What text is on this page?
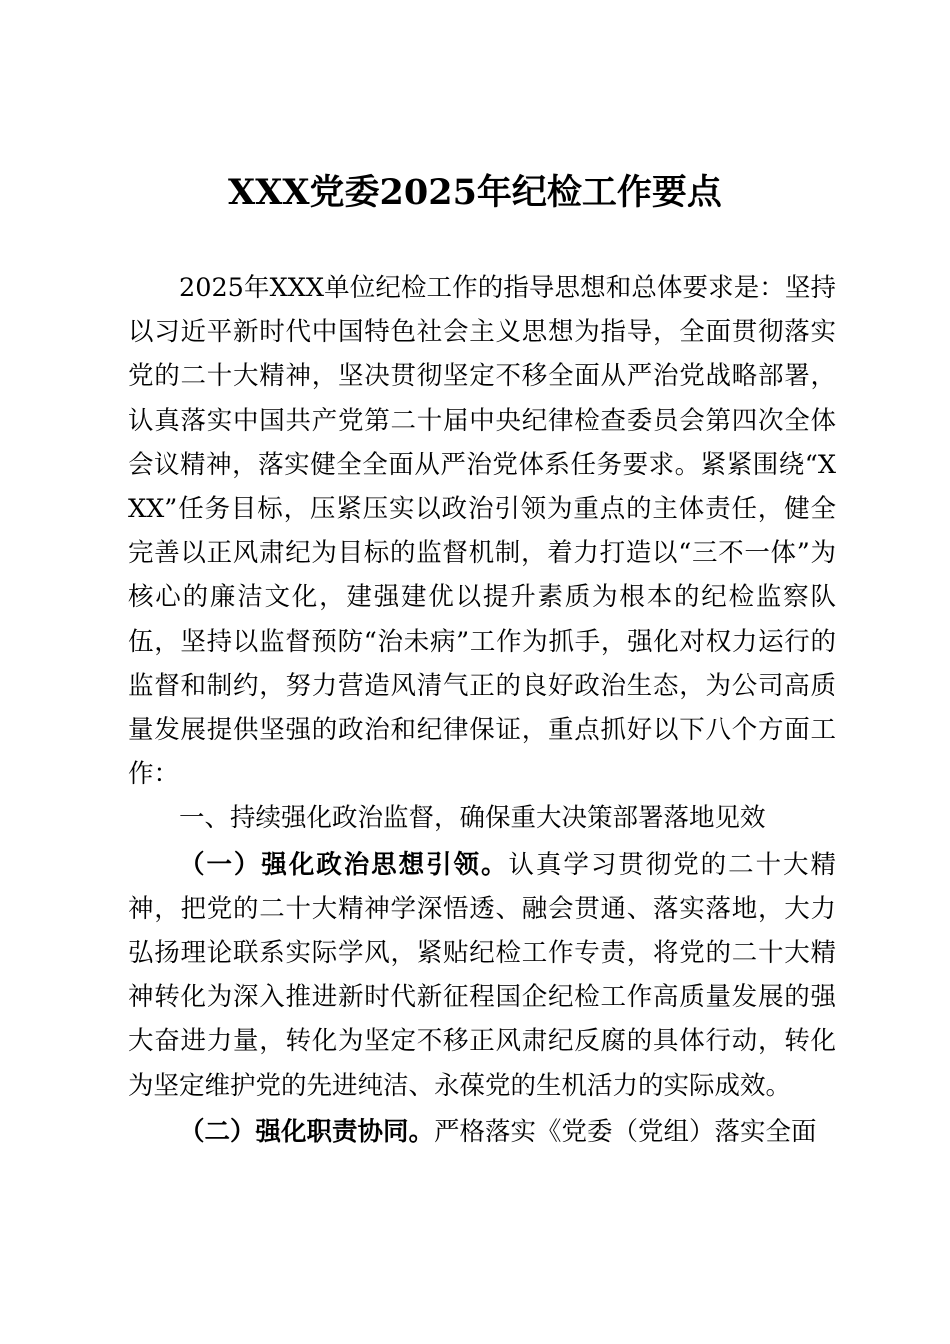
XXX党委2025年纪检工作要点

2025年XXX单位纪检工作的指导思想和总体要求是：坚持以习近平新时代中国特色社会主义思想为指导，全面贯彻落实党的二十大精神，坚决贯彻坚定不移全面从严治党战略部署，认真落实中国共产党第二十届中央纪律检查委员会第四次全体会议精神，落实健全全面从严治党体系任务要求。紧紧围绕“XXX”任务目标，压紧压实以政治引领为重点的主体责任，健全完善以正风肃纪为目标的监督机制，着力打造以“三不一体”为核心的廉洁文化，建强建优以提升素质为根本的纪检监察队伍，坚持以监督预防“治未病”工作为抓手，强化对权力运行的监督和制约，努力营造风清气正的良好政治生态，为公司高质量发展提供坚强的政治和纪律保证，重点抓好以下八个方面工作：

一、持续强化政治监督，确保重大决策部署落地见效

（一）强化政治思想引领。认真学习贯彻党的二十大精神，把党的二十大精神学深悟透、融会贯通、落实落地，大力弘扬理论联系实际学风，紧贴纪检工作专责，将党的二十大精神转化为深入推进新时代新征程国企纪检工作高质量发展的强大奋进力量，转化为坚定不移正风肃纪反腐的具体行动，转化为坚定维护党的先进纯洁、永葆党的生机活力的实际成效。

（二）强化职责协同。严格落实《党委（党组）落实全面
